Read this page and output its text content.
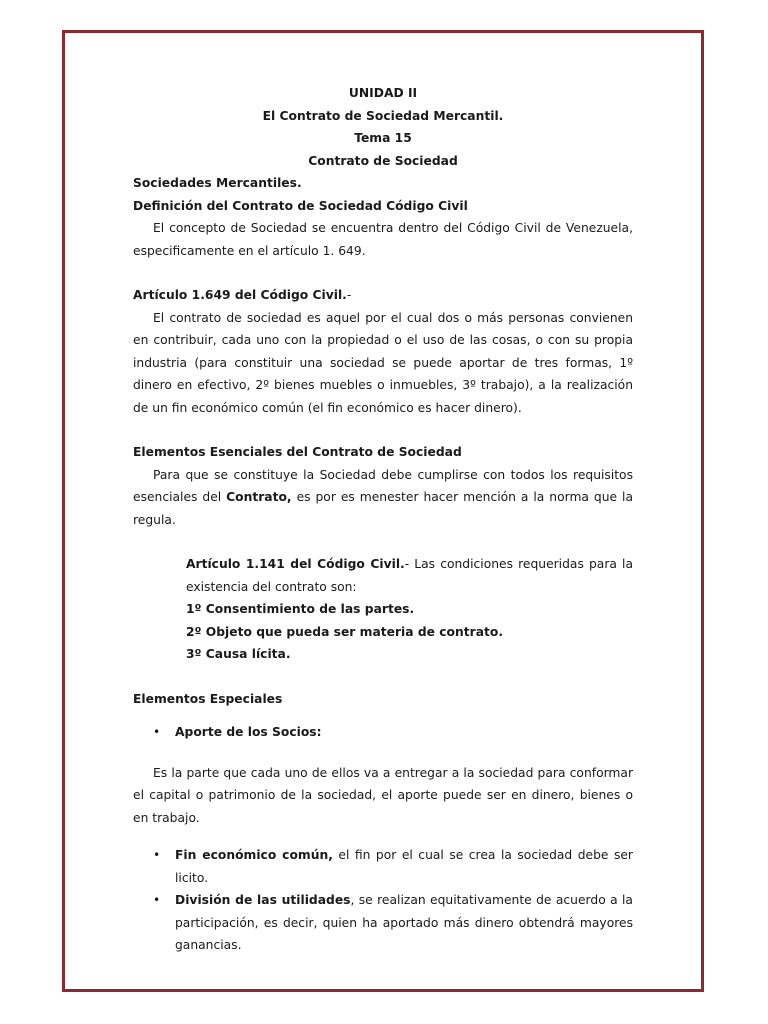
UNIDAD II

El Contrato de Sociedad Mercantil.

Tema 15

Contrato de Sociedad

Sociedades Mercantiles.

Definición del Contrato de Sociedad Código Civil

El concepto de Sociedad se encuentra dentro del Código Civil de Venezuela, especificamente en el artículo 1. 649.

Artículo 1.649 del Código Civil.-

El contrato de sociedad es aquel por el cual dos o más personas convienen en contribuir, cada uno con la propiedad o el uso de las cosas, o con su propia industria (para constituir una sociedad se puede aportar de tres formas, 1º dinero en efectivo, 2º bienes muebles o inmuebles, 3º trabajo), a la realización de un fin económico común (el fin económico es hacer dinero).

Elementos Esenciales del Contrato de Sociedad

Para que se constituye la Sociedad debe cumplirse con todos los requisitos esenciales del Contrato, es por es menester hacer mención a la norma que la regula.

Artículo 1.141 del Código Civil.- Las condiciones requeridas para la existencia del contrato son:

1º Consentimiento de las partes.

2º Objeto que pueda ser materia de contrato.

3º Causa lícita.

Elementos Especiales

• Aporte de los Socios:

Es la parte que cada uno de ellos va a entregar a la sociedad para conformar el capital o patrimonio de la sociedad, el aporte puede ser en dinero, bienes o en trabajo.

• Fin económico común, el fin por el cual se crea la sociedad debe ser licito.
• División de las utilidades, se realizan equitativamente de acuerdo a la participación, es decir, quien ha aportado más dinero obtendrá mayores ganancias.
